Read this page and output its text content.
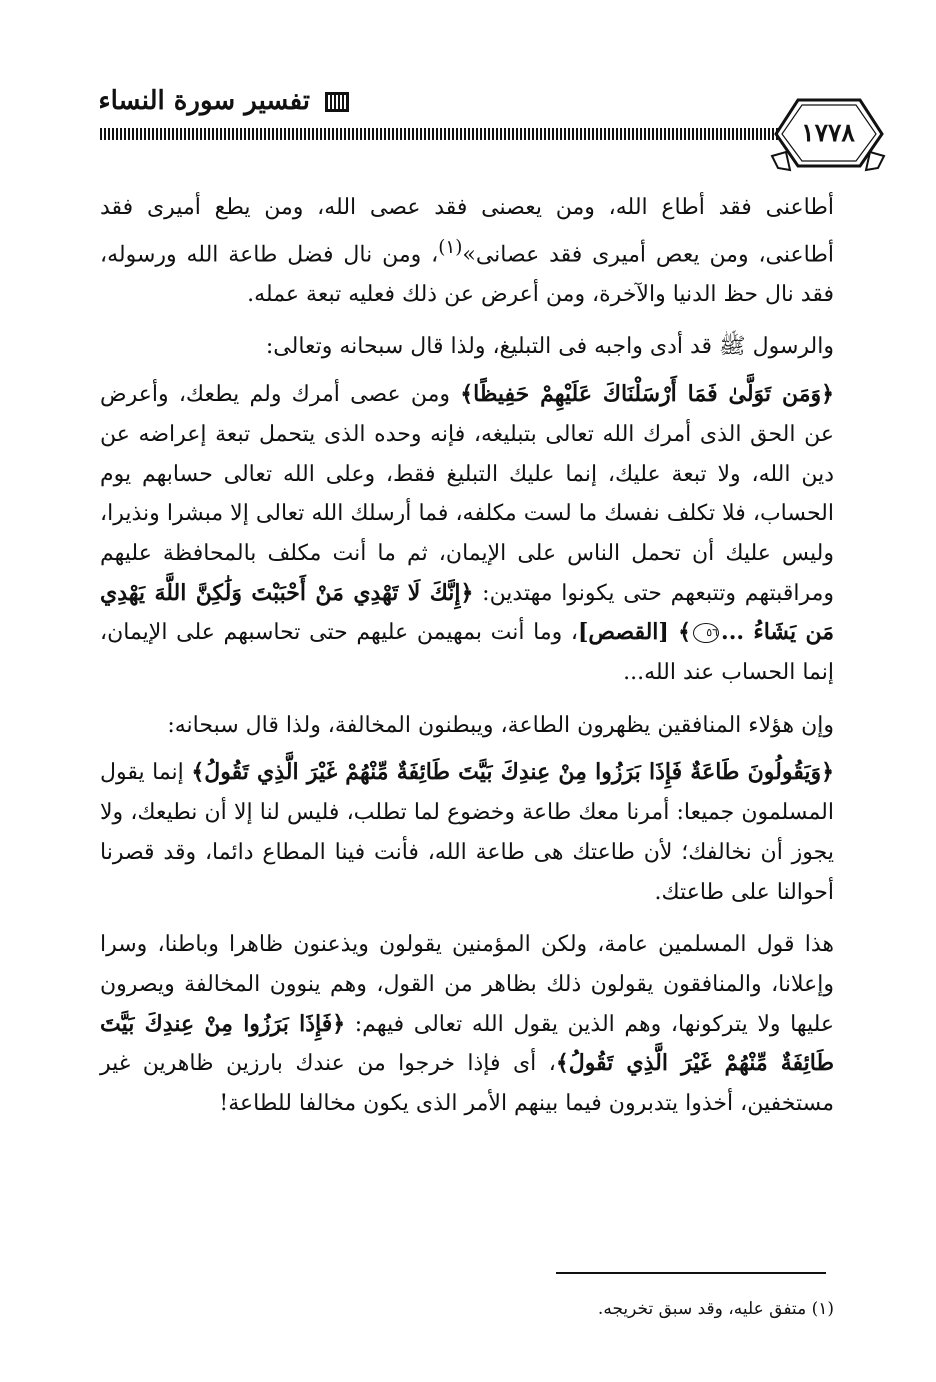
تفسير سورة النساء
١٧٧٨

أطاعنى فقد أطاع الله، ومن يعصنى فقد عصى الله، ومن يطع أميرى فقد أطاعنى، ومن يعص أميرى فقد عصانى»$^{(١)}$، ومن نال فضل طاعة الله ورسوله، فقد نال حظ الدنيا والآخرة، ومن أعرض عن ذلك فعليه تبعة عمله.

والرسول ﷺ قد أدى واجبه فى التبليغ، ولذا قال سبحانه وتعالى:

﴿وَمَن تَوَلَّىٰ فَمَا أَرْسَلْنَاكَ عَلَيْهِمْ حَفِيظًا﴾ ومن عصى أمرك ولم يطعك، وأعرض عن الحق الذى أمرك الله تعالى بتبليغه، فإنه وحده الذى يتحمل تبعة إعراضه عن دين الله، ولا تبعة عليك، إنما عليك التبليغ فقط، وعلى الله تعالى حسابهم يوم الحساب، فلا تكلف نفسك ما لست مكلفه، فما أرسلك الله تعالى إلا مبشرا ونذيرا، وليس عليك أن تحمل الناس على الإيمان، ثم ما أنت مكلف بالمحافظة عليهم ومراقبتهم وتتبعهم حتى يكونوا مهتدين: ﴿إِنَّكَ لَا تَهْدِي مَنْ أَحْبَبْتَ وَلَٰكِنَّ اللَّهَ يَهْدِي مَن يَشَاءُ ...٥٦﴾ [القصص]، وما أنت بمهيمن عليهم حتى تحاسبهم على الإيمان، إنما الحساب عند الله...

وإن هؤلاء المنافقين يظهرون الطاعة، ويبطنون المخالفة، ولذا قال سبحانه:

﴿وَيَقُولُونَ طَاعَةٌ فَإِذَا بَرَزُوا مِنْ عِندِكَ بَيَّتَ طَائِفَةٌ مِّنْهُمْ غَيْرَ الَّذِي تَقُولُ﴾ إنما يقول المسلمون جميعا: أمرنا معك طاعة وخضوع لما تطلب، فليس لنا إلا أن نطيعك، ولا يجوز أن نخالفك؛ لأن طاعتك هى طاعة الله، فأنت فينا المطاع دائما، وقد قصرنا أحوالنا على طاعتك.

هذا قول المسلمين عامة، ولكن المؤمنين يقولون ويذعنون ظاهرا وباطنا، وسرا وإعلانا، والمنافقون يقولون ذلك بظاهر من القول، وهم ينوون المخالفة ويصرون عليها ولا يتركونها، وهم الذين يقول الله تعالى فيهم: ﴿فَإِذَا بَرَزُوا مِنْ عِندِكَ بَيَّتَ طَائِفَةٌ مِّنْهُمْ غَيْرَ الَّذِي تَقُولُ﴾، أى فإذا خرجوا من عندك بارزين ظاهرين غير مستخفين، أخذوا يتدبرون فيما بينهم الأمر الذى يكون مخالفا للطاعة!

(١) متفق عليه، وقد سبق تخريجه.
